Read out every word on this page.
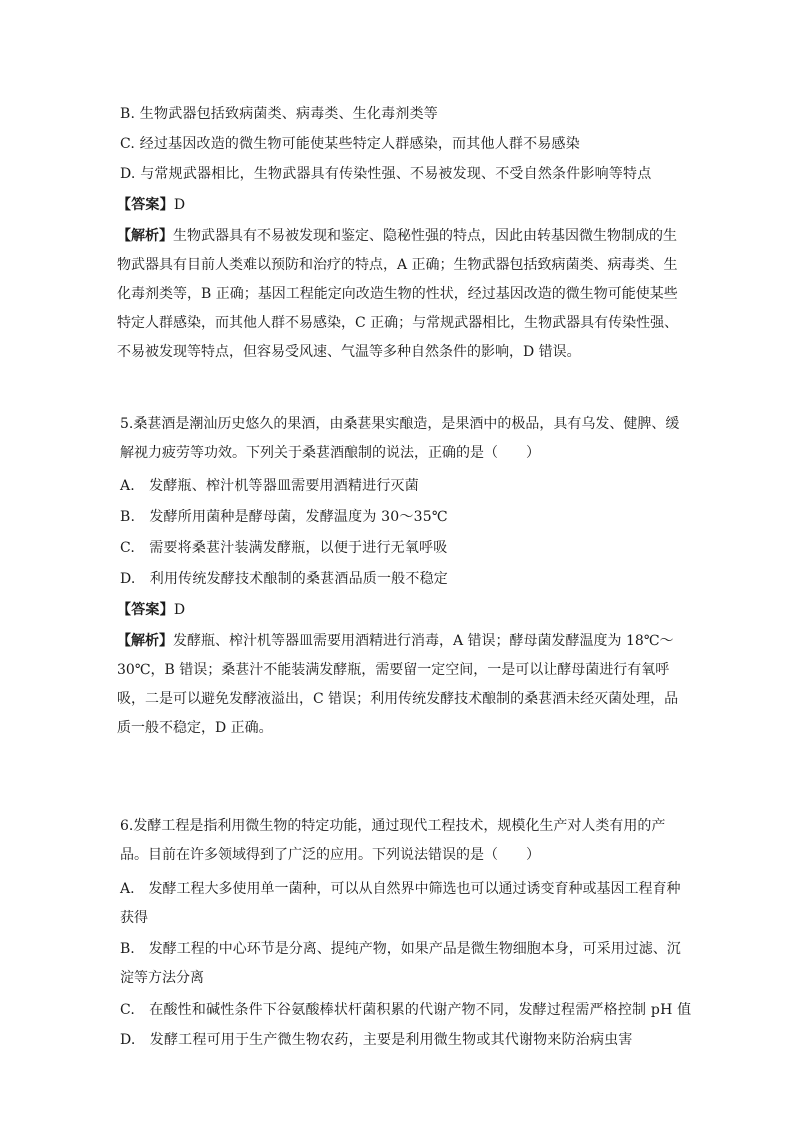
B. 生物武器包括致病菌类、病毒类、生化毒剂类等
C. 经过基因改造的微生物可能使某些特定人群感染，而其他人群不易感染
D. 与常规武器相比，生物武器具有传染性强、不易被发现、不受自然条件影响等特点
【答案】D
【解析】生物武器具有不易被发现和鉴定、隐秘性强的特点，因此由转基因微生物制成的生物武器具有目前人类难以预防和治疗的特点，A 正确；生物武器包括致病菌类、病毒类、生化毒剂类等，B 正确；基因工程能定向改造生物的性状，经过基因改造的微生物可能使某些特定人群感染，而其他人群不易感染，C 正确；与常规武器相比，生物武器具有传染性强、不易被发现等特点，但容易受风速、气温等多种自然条件的影响，D 错误。
5.桑葚酒是潮汕历史悠久的果酒，由桑葚果实酿造，是果酒中的极品，具有乌发、健脾、缓解视力疲劳等功效。下列关于桑葚酒酿制的说法，正确的是（　　）
A.　发酵瓶、榨汁机等器皿需要用酒精进行灭菌
B.　发酵所用菌种是酵母菌，发酵温度为 30～35℃
C.　需要将桑葚汁装满发酵瓶，以便于进行无氧呼吸
D.　利用传统发酵技术酿制的桑葚酒品质一般不稳定
【答案】D
【解析】发酵瓶、榨汁机等器皿需要用酒精进行消毒，A 错误；酵母菌发酵温度为 18℃～30℃，B 错误；桑葚汁不能装满发酵瓶，需要留一定空间，一是可以让酵母菌进行有氧呼吸，二是可以避免发酵液溢出，C 错误；利用传统发酵技术酿制的桑葚酒未经灭菌处理，品质一般不稳定，D 正确。
6.发酵工程是指利用微生物的特定功能，通过现代工程技术，规模化生产对人类有用的产品。目前在许多领域得到了广泛的应用。下列说法错误的是（　　）
A.　发酵工程大多使用单一菌种，可以从自然界中筛选也可以通过诱变育种或基因工程育种获得
B.　发酵工程的中心环节是分离、提纯产物，如果产品是微生物细胞本身，可采用过滤、沉淀等方法分离
C.　在酸性和碱性条件下谷氨酸棒状杆菌积累的代谢产物不同，发酵过程需严格控制 pH 值
D.　发酵工程可用于生产微生物农药，主要是利用微生物或其代谢物来防治病虫害
